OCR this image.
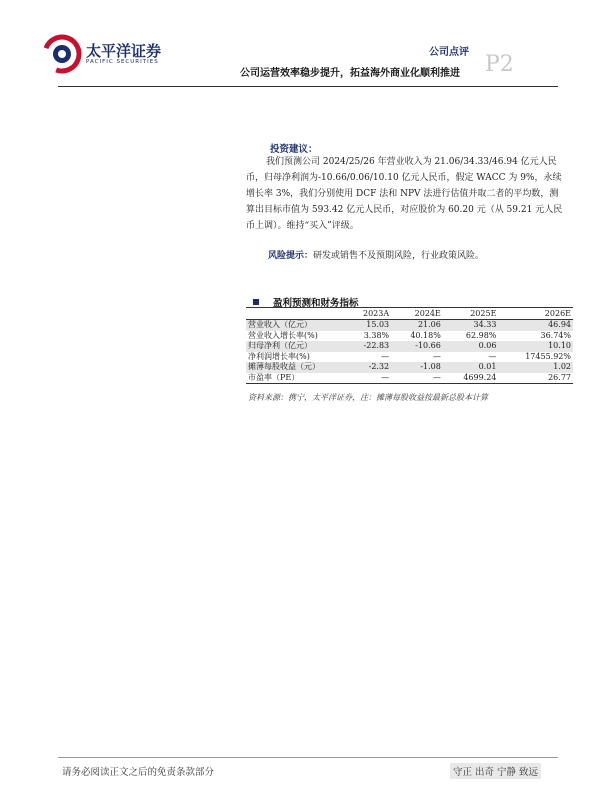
太平洋证券
PACIFIC SECURITIES
公司点评 P2
公司运营效率稳步提升，拓益海外商业化顺利推进
投资建议：

我们预测公司 2024/25/26 年营业收入为 21.06/34.33/46.94 亿元人民币，归母净利润为-10.66/0.06/10.10 亿元人民币，假定 WACC 为 9%，永续增长率 3%，我们分别使用 DCF 法和 NPV 法进行估值并取二者的平均数，测算出目标市值为 593.42 亿元人民币，对应股价为 60.20 元（从 59.21 元人民币上调）。维持“买入”评级。

风险提示：研发或销售不及预期风险，行业政策风险。
盈利预测和财务指标
	2023A	2024E	2025E	2026E
营业收入（亿元）	15.03	21.06	34.33	46.94
营业收入增长率(%)	3.38%	40.18%	62.98%	36.74%
归母净利（亿元）	-22.83	-10.66	0.06	10.10
净利润增长率(%)	—	—	—	17455.92%
摊薄每股收益（元）	-2.32	-1.08	0.01	1.02
市盈率（PE）	—	—	4699.24	26.77
资料来源：携宁，太平洋证券，注：摊薄每股收益按最新总股本计算
请务必阅读正文之后的免责条款部分	守正 出奇 宁静 致远
